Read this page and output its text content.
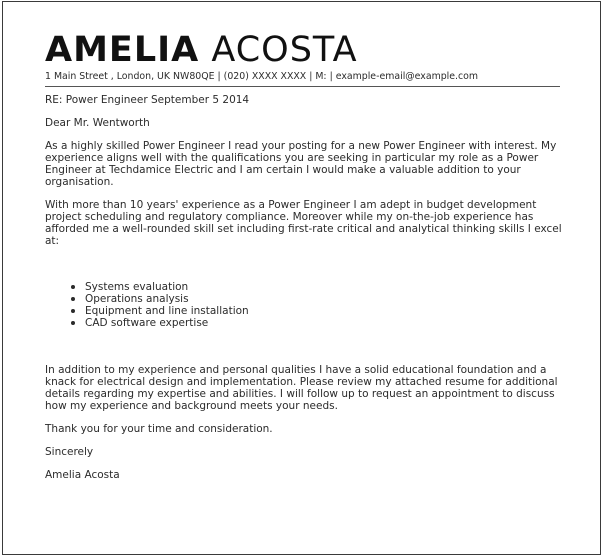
AMELIA ACOSTA
1 Main Street , London, UK NW80QE | (020) XXXX XXXX | M: | example-email@example.com

RE: Power Engineer September 5 2014

Dear Mr. Wentworth

As a highly skilled Power Engineer I read your posting for a new Power Engineer with interest. My experience aligns well with the qualifications you are seeking in particular my role as a Power Engineer at Techdamice Electric and I am certain I would make a valuable addition to your organisation.

With more than 10 years' experience as a Power Engineer I am adept in budget development project scheduling and regulatory compliance. Moreover while my on-the-job experience has afforded me a well-rounded skill set including first-rate critical and analytical thinking skills I excel at:

Systems evaluation
Operations analysis
Equipment and line installation
CAD software expertise

In addition to my experience and personal qualities I have a solid educational foundation and a knack for electrical design and implementation. Please review my attached resume for additional details regarding my expertise and abilities. I will follow up to request an appointment to discuss how my experience and background meets your needs.

Thank you for your time and consideration.

Sincerely

Amelia Acosta
